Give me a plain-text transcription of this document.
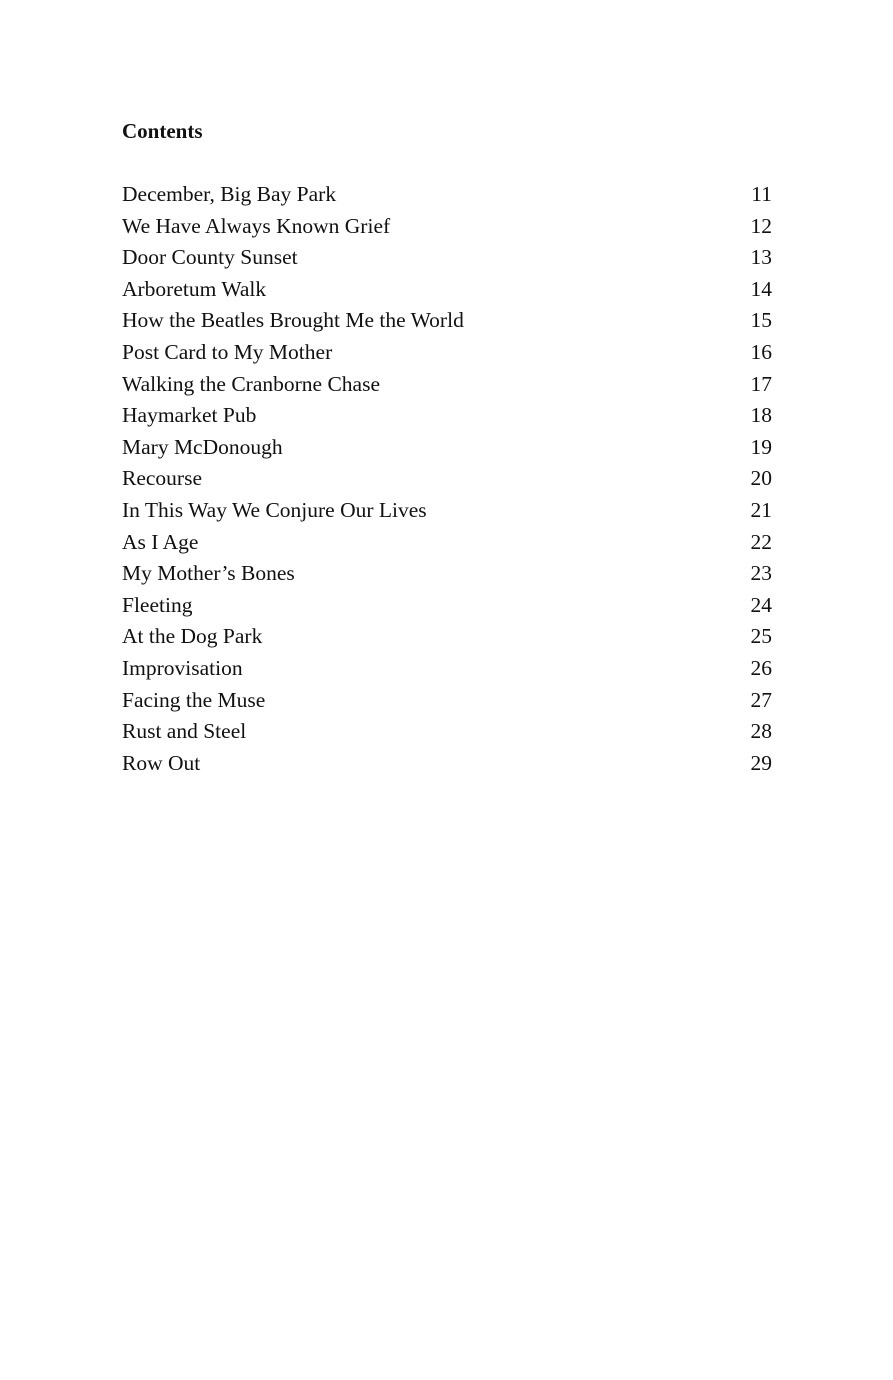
Contents
December, Big Bay Park	11
We Have Always Known Grief	12
Door County Sunset	13
Arboretum Walk	14
How the Beatles Brought Me the World	15
Post Card to My Mother	16
Walking the Cranborne Chase	17
Haymarket Pub	18
Mary McDonough	19
Recourse	20
In This Way We Conjure Our Lives	21
As I Age	22
My Mother’s Bones	23
Fleeting	24
At the Dog Park	25
Improvisation	26
Facing the Muse	27
Rust and Steel	28
Row Out	29
